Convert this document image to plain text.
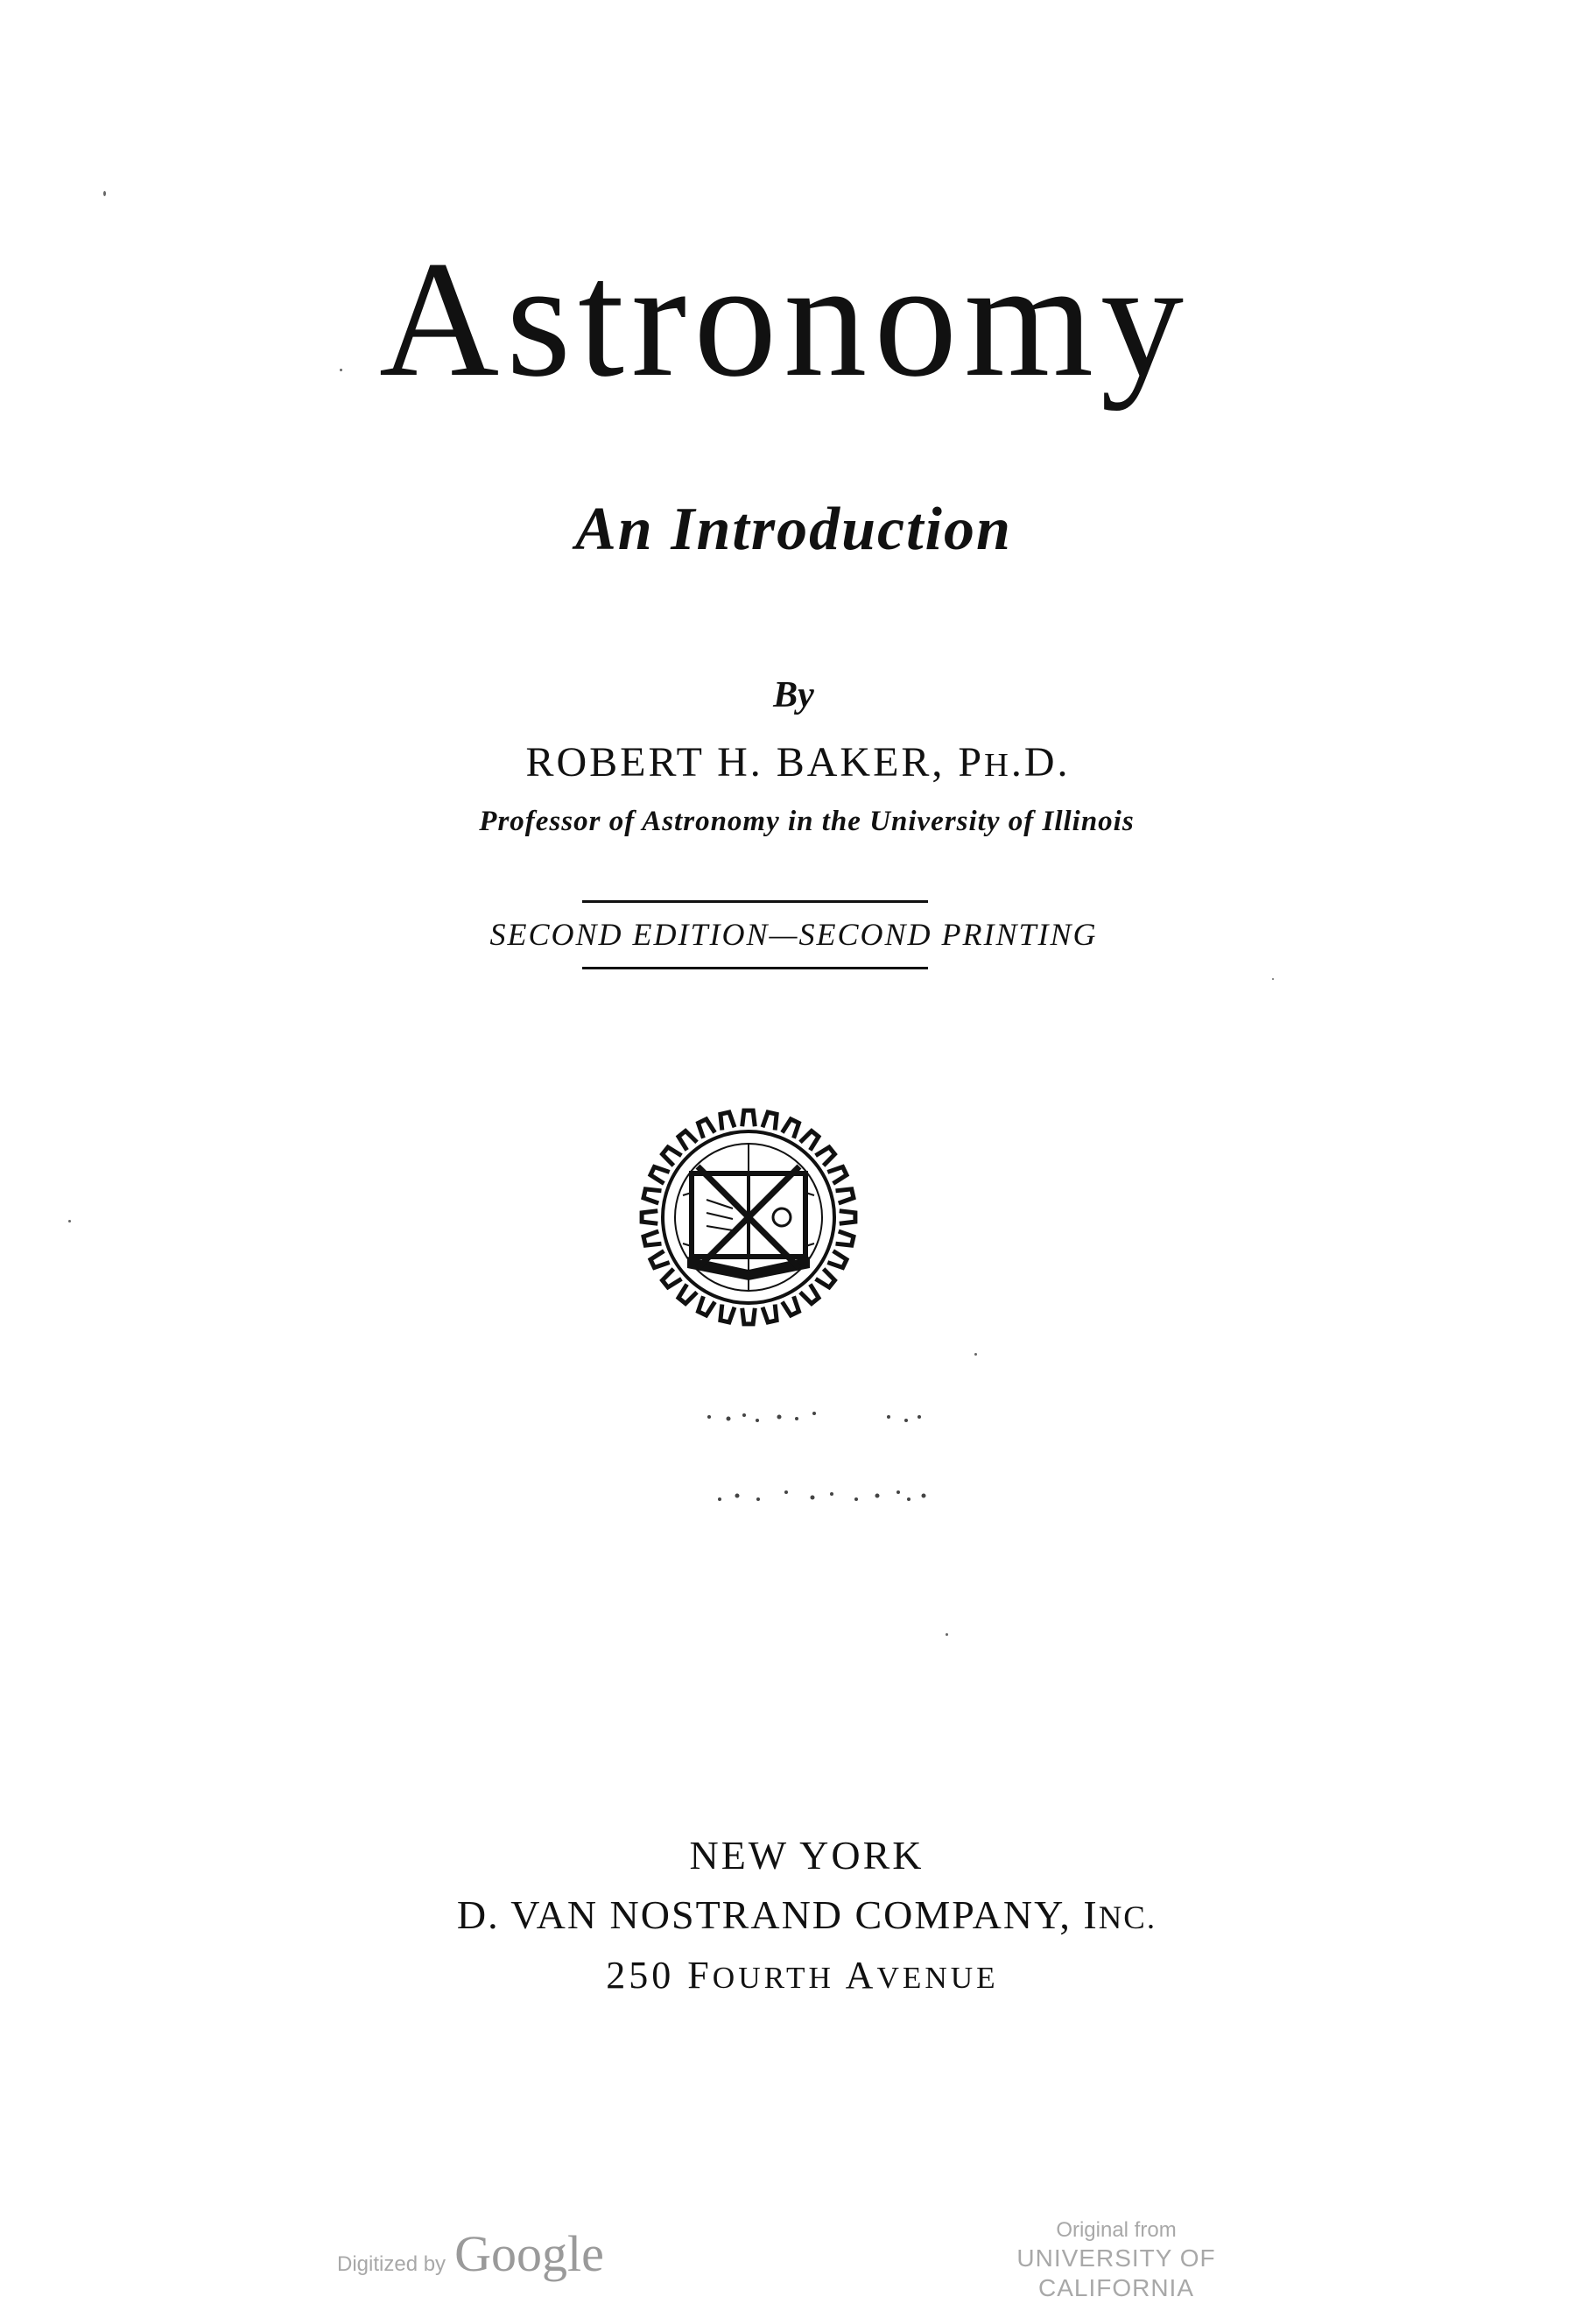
Astronomy
An Introduction
By
ROBERT H. BAKER, PH.D.
Professor of Astronomy in the University of Illinois
SECOND EDITION—SECOND PRINTING
NEW YORK
D. VAN NOSTRAND COMPANY, INC.
250 FOURTH AVENUE
Digitized by Google	Original from
UNIVERSITY OF CALIFORNIA
